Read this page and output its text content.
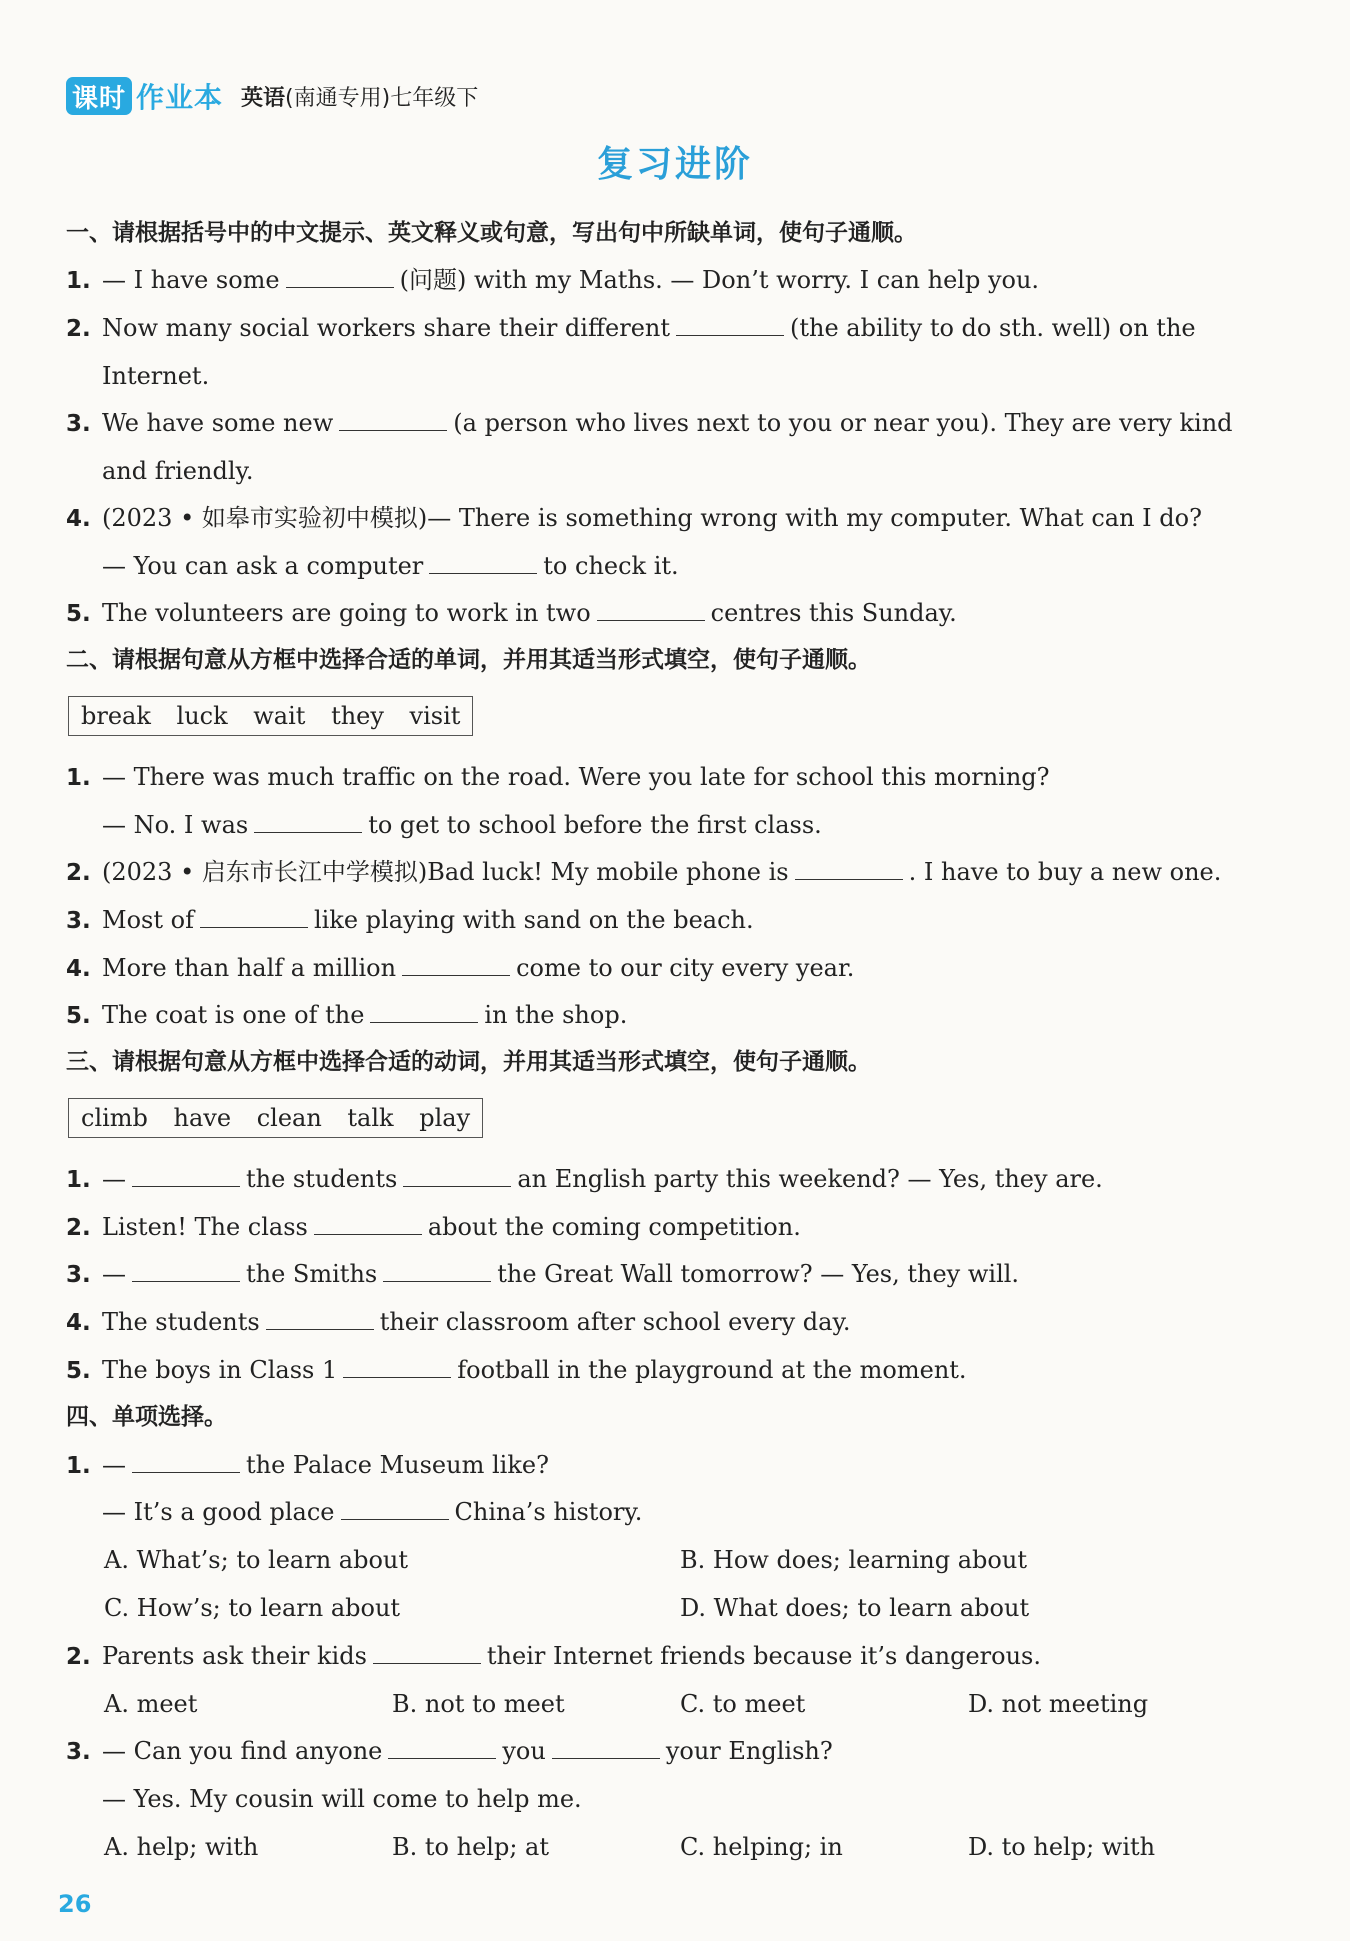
课时 作业本 英语(南通专用)七年级下
复习进阶
一、请根据括号中的中文提示、英文释义或句意，写出句中所缺单词，使句子通顺。
1. — I have some	(问题) with my Maths. — Don’t worry. I can help you.
2. Now many social workers share their different	(the ability to do sth. well) on the
Internet.
3. We have some new	(a person who lives next to you or near you). They are very kind
and friendly.
4. (2023 • 如皋市实验初中模拟)— There is something wrong with my computer. What can I do?
— You can ask a computer	to check it.
5. The volunteers are going to work in two	centres this Sunday.
二、请根据句意从方框中选择合适的单词，并用其适当形式填空，使句子通顺。
break luck wait they visit
1. — There was much traffic on the road. Were you late for school this morning?
— No. I was	to get to school before the first class.
2. (2023 • 启东市长江中学模拟)Bad luck! My mobile phone is	. I have to buy a new one.
3. Most of	like playing with sand on the beach.
4. More than half a million	come to our city every year.
5. The coat is one of the	in the shop.
三、请根据句意从方框中选择合适的动词，并用其适当形式填空，使句子通顺。
climb have clean talk play
1. —	the students	an English party this weekend? — Yes, they are.
2. Listen! The class	about the coming competition.
3. —	the Smiths	the Great Wall tomorrow? — Yes, they will.
4. The students	their classroom after school every day.
5. The boys in Class 1	football in the playground at the moment.
四、单项选择。
1. —	the Palace Museum like?
— It’s a good place	China’s history.
A. What’s; to learn about	B. How does; learning about
C. How’s; to learn about	D. What does; to learn about
2. Parents ask their kids	their Internet friends because it’s dangerous.
A. meet	B. not to meet	C. to meet	D. not meeting
3. — Can you find anyone	you	your English?
— Yes. My cousin will come to help me.
A. help; with	B. to help; at	C. helping; in	D. to help; with
26
